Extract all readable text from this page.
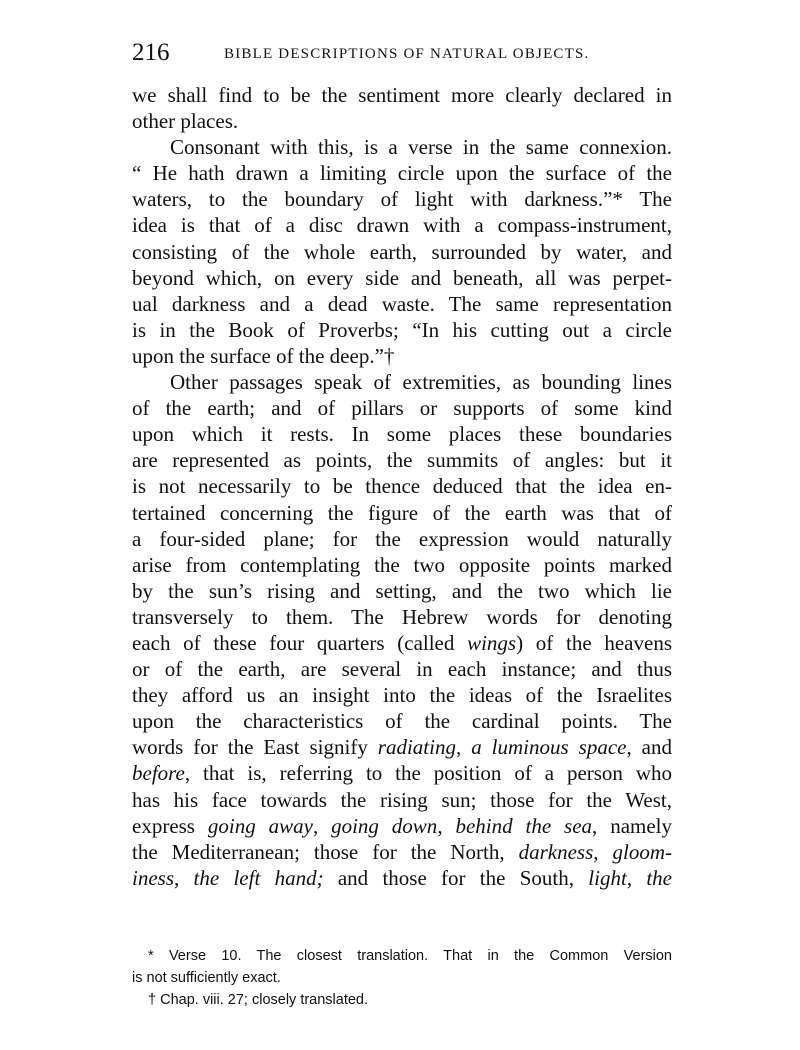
216	BIBLE DESCRIPTIONS OF NATURAL OBJECTS.
we shall find to be the sentiment more clearly declared in
other places.
Consonant with this, is a verse in the same connexion.
“ He hath drawn a limiting circle upon the surface of the
waters, to the boundary of light with darkness.”* The
idea is that of a disc drawn with a compass-instrument,
consisting of the whole earth, surrounded by water, and
beyond which, on every side and beneath, all was perpet-
ual darkness and a dead waste. The same representation
is in the Book of Proverbs; “In his cutting out a circle
upon the surface of the deep.”†
Other passages speak of extremities, as bounding lines
of the earth; and of pillars or supports of some kind
upon which it rests. In some places these boundaries
are represented as points, the summits of angles: but it
is not necessarily to be thence deduced that the idea en-
tertained concerning the figure of the earth was that of
a four-sided plane; for the expression would naturally
arise from contemplating the two opposite points marked
by the sun’s rising and setting, and the two which lie
transversely to them. The Hebrew words for denoting
each of these four quarters (called wings) of the heavens
or of the earth, are several in each instance; and thus
they afford us an insight into the ideas of the Israelites
upon the characteristics of the cardinal points. The
words for the East signify radiating, a luminous space, and
before, that is, referring to the position of a person who
has his face towards the rising sun; those for the West,
express going away, going down, behind the sea, namely
the Mediterranean; those for the North, darkness, gloom-
iness, the left hand; and those for the South, light, the
* Verse 10. The closest translation. That in the Common Version
is not sufficiently exact.
† Chap. viii. 27; closely translated.
